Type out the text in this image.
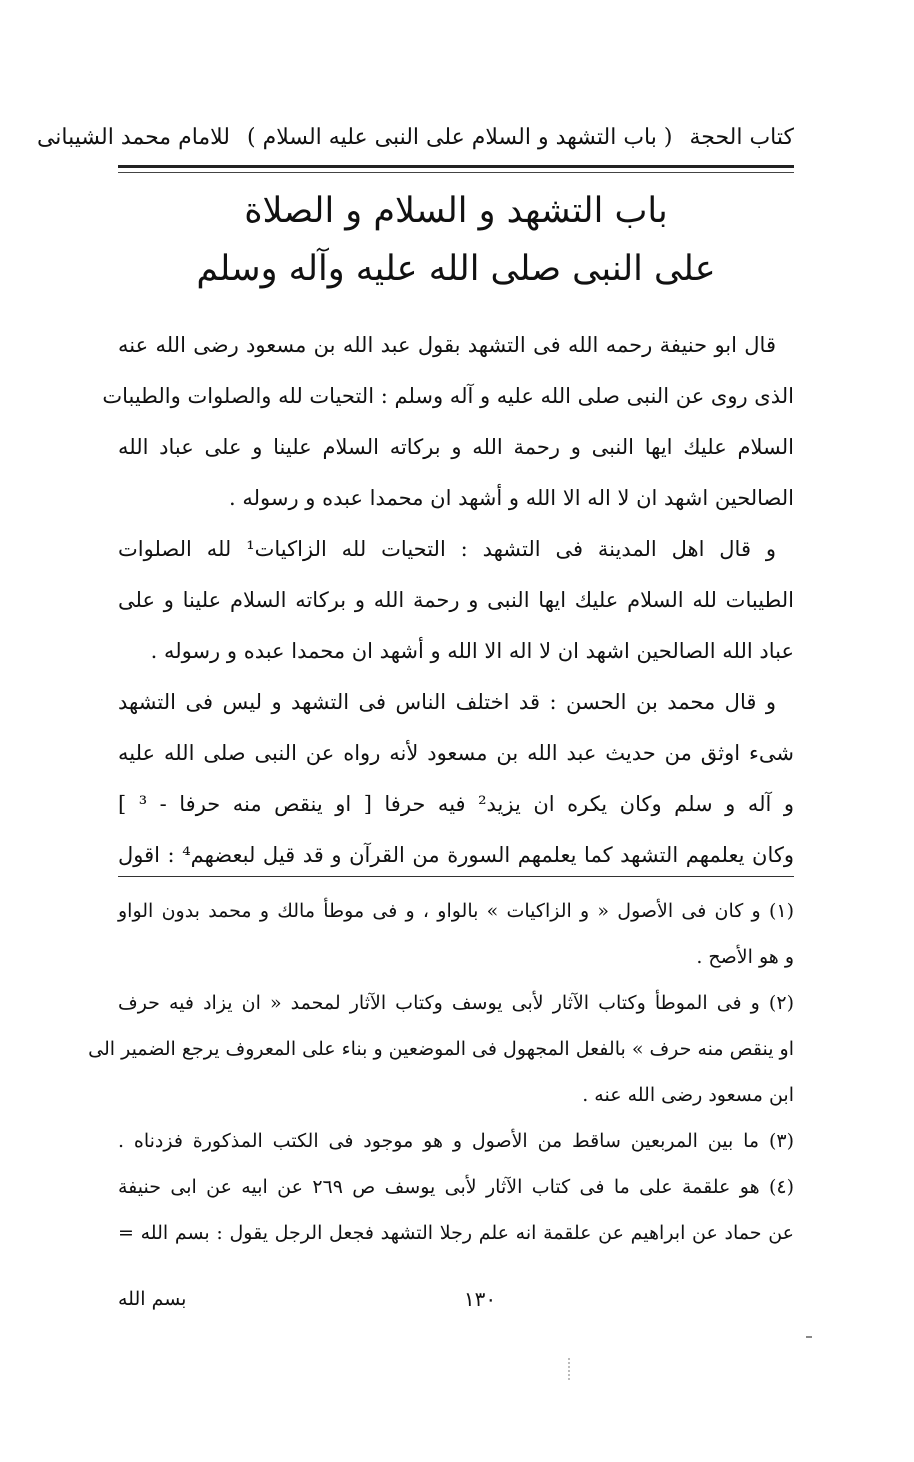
كتاب الحجة ( باب التشهد و السلام على النبى عليه السلام ) للامام محمد الشيبانى
باب التشهد و السلام و الصلاة
على النبى صلى الله عليه وآله وسلم
قال ابو حنيفة رحمه الله فى التشهد بقول عبد الله بن مسعود رضى الله عنه
الذى روى عن النبى صلى الله عليه و آله وسلم : التحيات لله والصلوات والطيبات
السلام عليك ايها النبى و رحمة الله و بركاته السلام علينا و على عباد الله
الصالحين اشهد ان لا اله الا الله و أشهد ان محمدا عبده و رسوله .
و قال اهل المدينة فى التشهد : التحيات لله الزاكيات¹ لله الصلوات
الطيبات لله السلام عليك ايها النبى و رحمة الله و بركاته السلام علينا و على
عباد الله الصالحين اشهد ان لا اله الا الله و أشهد ان محمدا عبده و رسوله .
و قال محمد بن الحسن : قد اختلف الناس فى التشهد و ليس فى التشهد
شىء اوثق من حديث عبد الله بن مسعود لأنه رواه عن النبى صلى الله عليه
و آله و سلم وكان يكره ان يزيد² فيه حرفا [ او ينقص منه حرفا - ³ ]
وكان يعلمهم التشهد كما يعلمهم السورة من القرآن و قد قيل لبعضهم⁴ : اقول
(١) و كان فى الأصول « و الزاكيات » بالواو ، و فى موطأ مالك و محمد بدون الواو
و هو الأصح .
(٢) و فى الموطأ وكتاب الآثار لأبى يوسف وكتاب الآثار لمحمد « ان يزاد فيه حرف
او ينقص منه حرف » بالفعل المجهول فى الموضعين و بناء على المعروف يرجع الضمير الى
ابن مسعود رضى الله عنه .
(٣) ما بين المربعين ساقط من الأصول و هو موجود فى الكتب المذكورة فزدناه .
(٤) هو علقمة على ما فى كتاب الآثار لأبى يوسف ص ٢٦٩ عن ابيه عن ابى حنيفة
عن حماد عن ابراهيم عن علقمة انه علم رجلا التشهد فجعل الرجل يقول : بسم الله =
١٣٠
بسم الله
